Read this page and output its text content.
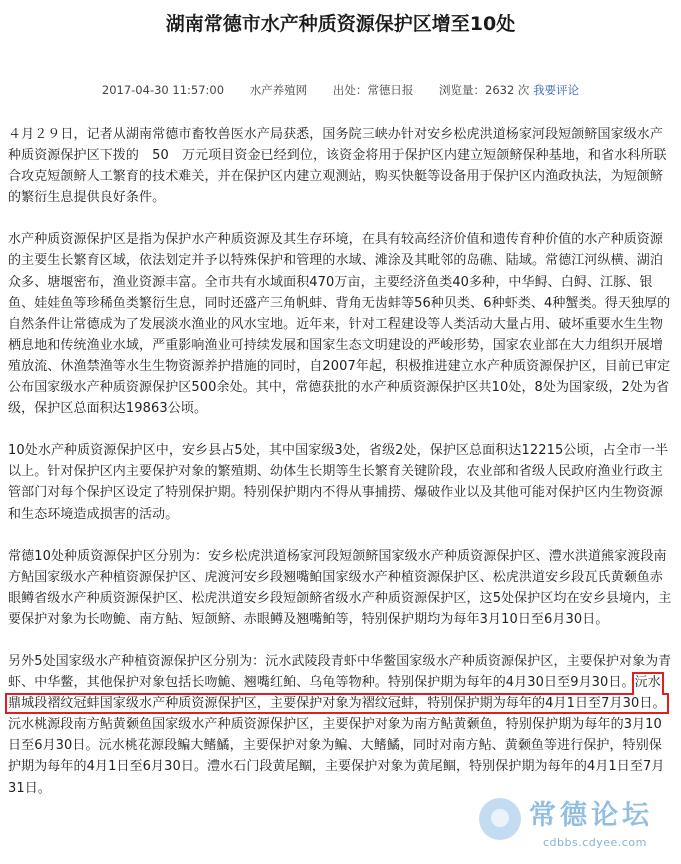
湖南常德市水产种质资源保护区增至10处
2017-04-30 11:57:00 水产养殖网 出处：常德日报 浏览量：2632 次 我要评论

４月２９日，记者从湖南常德市畜牧兽医水产局获悉，国务院三峡办针对安乡松虎洪道杨家河段短颌鲚国家级水产种质资源保护区下拨的　50　万元项目资金已经到位，该资金将用于保护区内建立短颌鲚保种基地，和省水科所联合攻克短颌鲚人工繁育的技术难关，并在保护区内建立观测站，购买快艇等设备用于保护区内渔政执法，为短颌鲚的繁衍生息提供良好条件。

水产种质资源保护区是指为保护水产种质资源及其生存环境，在具有较高经济价值和遗传育种价值的水产种质资源的主要生长繁育区域，依法划定并予以特殊保护和管理的水域、滩涂及其毗邻的岛礁、陆域。常德江河纵横、湖泊众多、塘堰密布，渔业资源丰富。全市共有水域面积470万亩，主要经济鱼类40多种，中华鲟、白鲟、江豚、银鱼、娃娃鱼等珍稀鱼类繁衍生息，同时还盛产三角帆蚌、背角无齿蚌等56种贝类、6种虾类、4种蟹类。得天独厚的自然条件让常德成为了发展淡水渔业的风水宝地。近年来，针对工程建设等人类活动大量占用、破坏重要水生生物栖息地和传统渔业水域，严重影响渔业可持续发展和国家生态文明建设的严峻形势，国家农业部在大力组织开展增殖放流、休渔禁渔等水生生物资源养护措施的同时，自2007年起，积极推进建立水产种质资源保护区，目前已审定公布国家级水产种质资源保护区500余处。其中，常德获批的水产种质资源保护区共10处，8处为国家级，2处为省级，保护区总面积达19863公顷。

10处水产种质资源保护区中，安乡县占5处，其中国家级3处，省级2处，保护区总面积达12215公顷，占全市一半以上。针对保护区内主要保护对象的繁殖期、幼体生长期等生长繁育关键阶段，农业部和省级人民政府渔业行政主管部门对每个保护区设定了特别保护期。特别保护期内不得从事捕捞、爆破作业以及其他可能对保护区内生物资源和生态环境造成损害的活动。

常德10处种质资源保护区分别为：安乡松虎洪道杨家河段短颌鲚国家级水产种质资源保护区、澧水洪道熊家渡段南方鲇国家级水产种植资源保护区、虎渡河安乡段翘嘴鲌国家级水产种植资源保护区、松虎洪道安乡段瓦氏黄颡鱼赤眼鳟省级水产种质资源保护区、松虎洪道安乡段短颌鲚省级水产种质资源保护区，这5处保护区均在安乡县境内，主要保护对象为长吻鮠、南方鲇、短颌鲚、赤眼鳟及翘嘴鲌等，特别保护期均为每年3月10日至6月30日。

另外5处国家级水产种植资源保护区分别为：沅水武陵段青虾中华鳖国家级水产种质资源保护区，主要保护对象为青虾、中华鳖，其他保护对象包括长吻鮠、翘嘴红鲌、乌龟等物种。特别保护期为每年的4月30日至9月30日。沅水鼎城段褶纹冠蚌国家级水产种质资源保护区，主要保护对象为褶纹冠蚌，特别保护期为每年的4月1日至7月30日。沅水桃源段南方鲇黄颡鱼国家级水产种质资源保护区，主要保护对象为南方鲇黄颡鱼，特别保护期为每年的3月10日至6月30日。沅水桃花源段鳊大鳍鱊，主要保护对象为鳊、大鳍鱊，同时对南方鲇、黄颡鱼等进行保护，特别保护期为每年的4月1日至6月30日。澧水石门段黄尾鲴，主要保护对象为黄尾鲴，特别保护期为每年的4月1日至7月31日。

常德论坛
cdbbs.cdyee.com
